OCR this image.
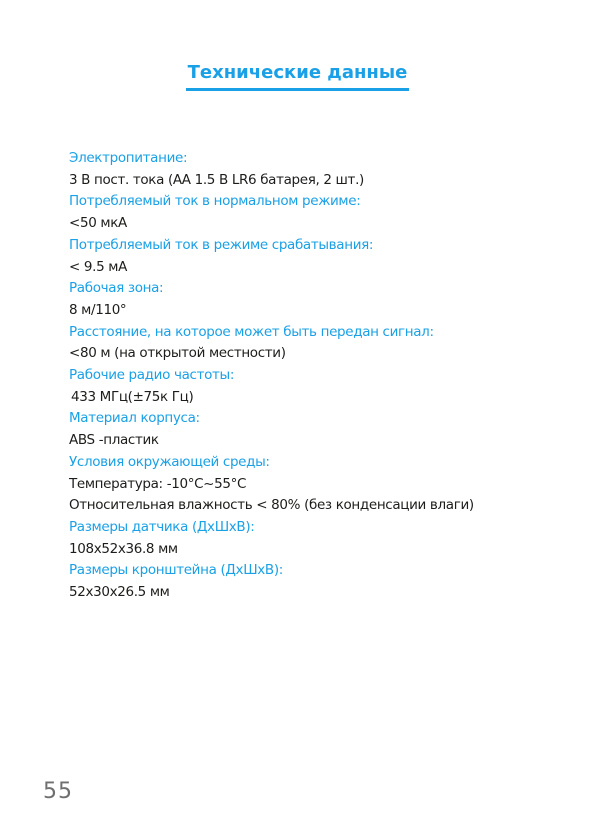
Технические данные
Электропитание:
3 В пост. тока (АА 1.5 В LR6 батарея, 2 шт.)
Потребляемый ток в нормальном режиме:
<50 мкА
Потребляемый ток в режиме срабатывания:
< 9.5 мА
Рабочая зона:
8 м/110°
Расстояние, на которое может быть передан сигнал:
<80 м (на открытой местности)
Рабочие радио частоты:
433 МГц(±75к Гц)
Материал корпуса:
ABS -пластик
Условия окружающей среды:
Температура: -10°C~55°C
Относительная влажность < 80% (без конденсации влаги)
Размеры датчика (ДхШхВ):
108x52x36.8 мм
Размеры кронштейна (ДхШхВ):
52x30x26.5 мм
55
